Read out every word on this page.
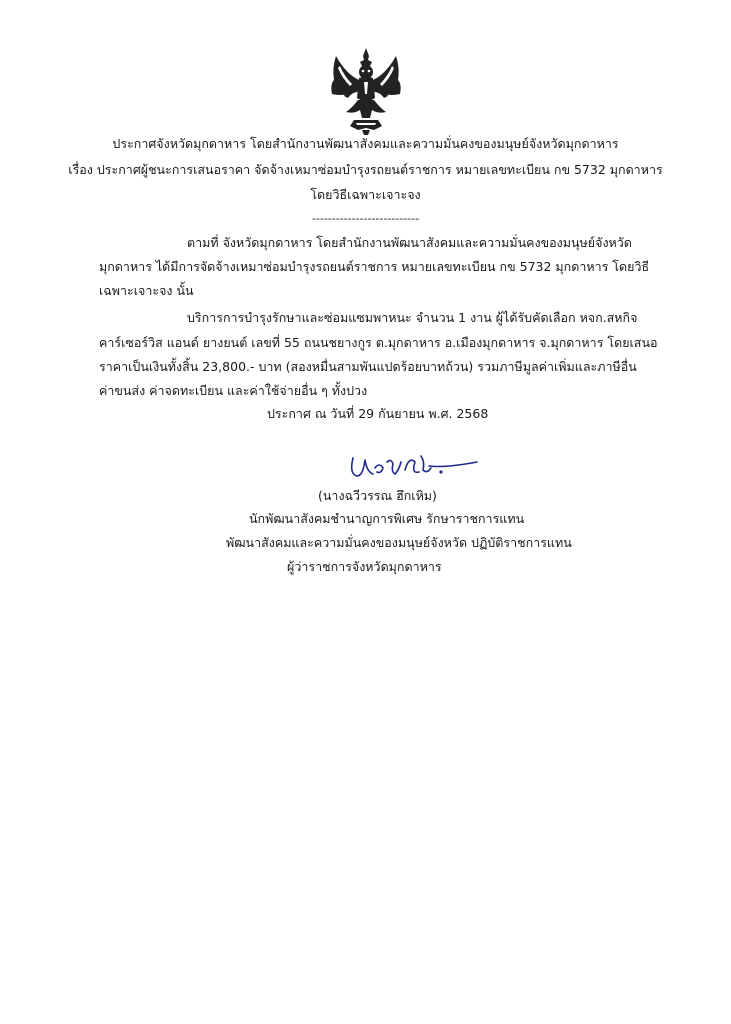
ประกาศจังหวัดมุกดาหาร โดยสำนักงานพัฒนาสังคมและความมั่นคงของมนุษย์จังหวัดมุกดาหาร
เรื่อง ประกาศผู้ชนะการเสนอราคา จัดจ้างเหมาซ่อมบำรุงรถยนต์ราชการ หมายเลขทะเบียน กข 5732 มุกดาหาร
โดยวิธีเฉพาะเจาะจง
---------------------------
ตามที่ จังหวัดมุกดาหาร โดยสำนักงานพัฒนาสังคมและความมั่นคงของมนุษย์จังหวัด
มุกดาหาร ได้มีการจัดจ้างเหมาซ่อมบำรุงรถยนต์ราชการ หมายเลขทะเบียน กข 5732 มุกดาหาร โดยวิธี
เฉพาะเจาะจง นั้น
บริการการบำรุงรักษาและซ่อมแซมพาหนะ จำนวน 1 งาน ผู้ได้รับคัดเลือก หจก.สหกิจ
คาร์เซอร์วิส แอนด์ ยางยนต์ เลขที่ 55 ถนนชยางกูร ต.มุกดาหาร อ.เมืองมุกดาหาร จ.มุกดาหาร โดยเสนอ
ราคาเป็นเงินทั้งสิ้น 23,800.- บาท (สองหมื่นสามพันแปดร้อยบาทถ้วน) รวมภาษีมูลค่าเพิ่มและภาษีอื่น
ค่าขนส่ง ค่าจดทะเบียน และค่าใช้จ่ายอื่น ๆ ทั้งปวง
ประกาศ ณ วันที่ 29 กันยายน พ.ศ. 2568
(นางฉวีวรรณ ฮึกเหิม)
นักพัฒนาสังคมชำนาญการพิเศษ รักษาราชการแทน
พัฒนาสังคมและความมั่นคงของมนุษย์จังหวัด ปฏิบัติราชการแทน
ผู้ว่าราชการจังหวัดมุกดาหาร
